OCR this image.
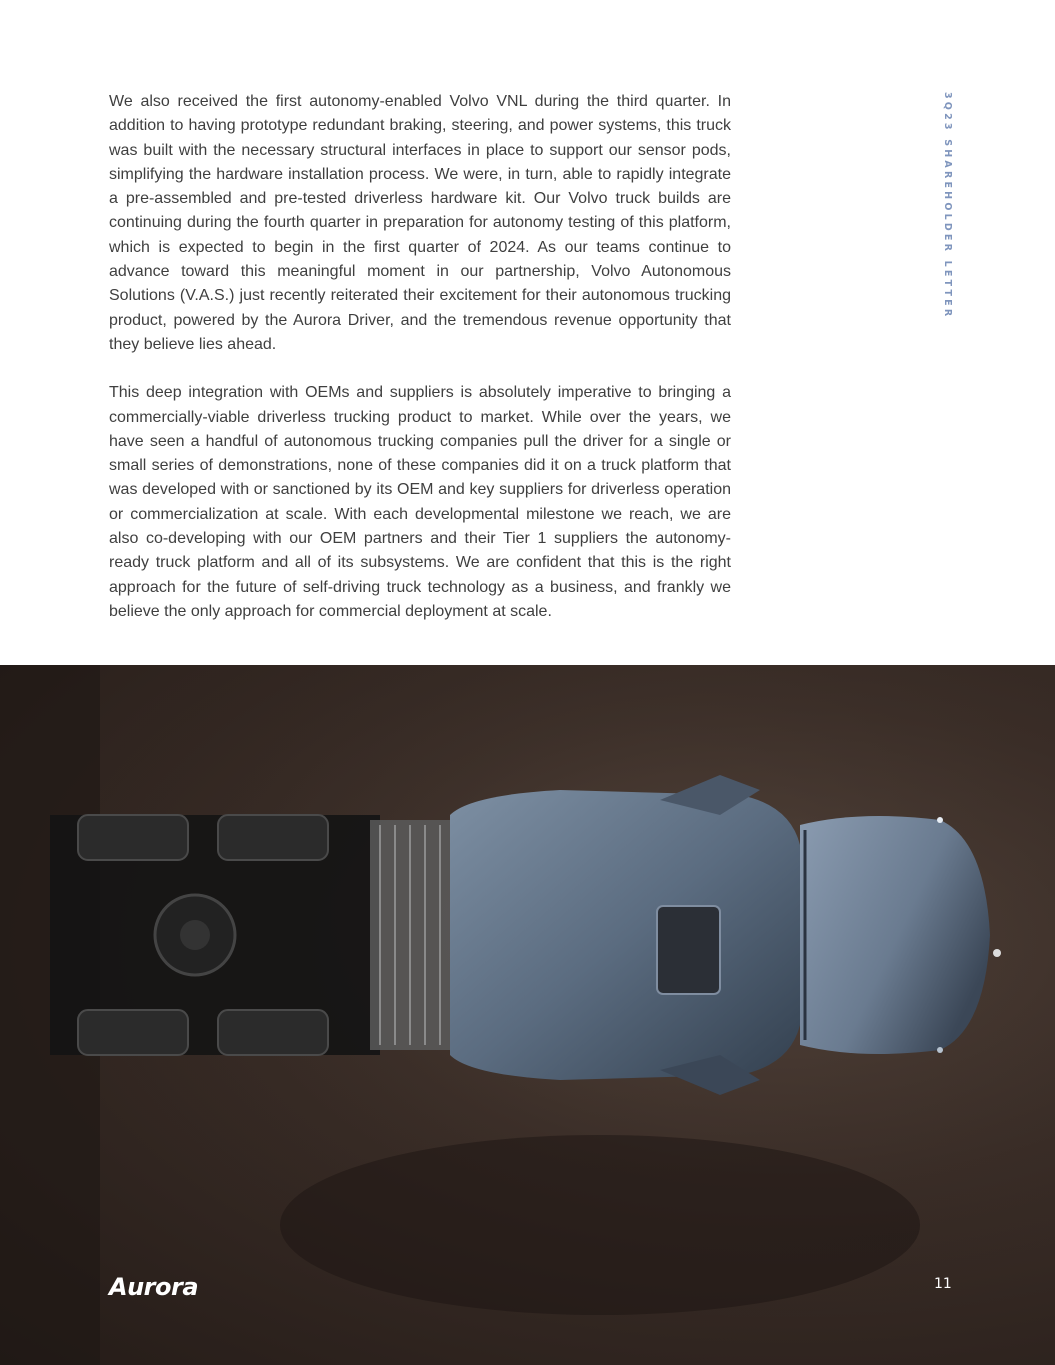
3Q23 SHAREHOLDER LETTER

We also received the first autonomy-enabled Volvo VNL during the third quarter. In addition to having prototype redundant braking, steering, and power systems, this truck was built with the necessary structural interfaces in place to support our sensor pods, simplifying the hardware installation process. We were, in turn, able to rapidly integrate a pre-assembled and pre-tested driverless hardware kit. Our Volvo truck builds are continuing during the fourth quarter in preparation for autonomy testing of this platform, which is expected to begin in the first quarter of 2024. As our teams continue to advance toward this meaningful moment in our partnership, Volvo Autonomous Solutions (V.A.S.) just recently reiterated their excitement for their autonomous trucking product, powered by the Aurora Driver, and the tremendous revenue opportunity that they believe lies ahead.

This deep integration with OEMs and suppliers is absolutely imperative to bringing a commercially-viable driverless trucking product to market. While over the years, we have seen a handful of autonomous trucking companies pull the driver for a single or small series of demonstrations, none of these companies did it on a truck platform that was developed with or sanctioned by its OEM and key suppliers for driverless operation or commercialization at scale. With each developmental milestone we reach, we are also co-developing with our OEM partners and their Tier 1 suppliers the autonomy-ready truck platform and all of its subsystems. We are confident that this is the right approach for the future of self-driving truck technology as a business, and frankly we believe the only approach for commercial deployment at scale.

Aurora	11
